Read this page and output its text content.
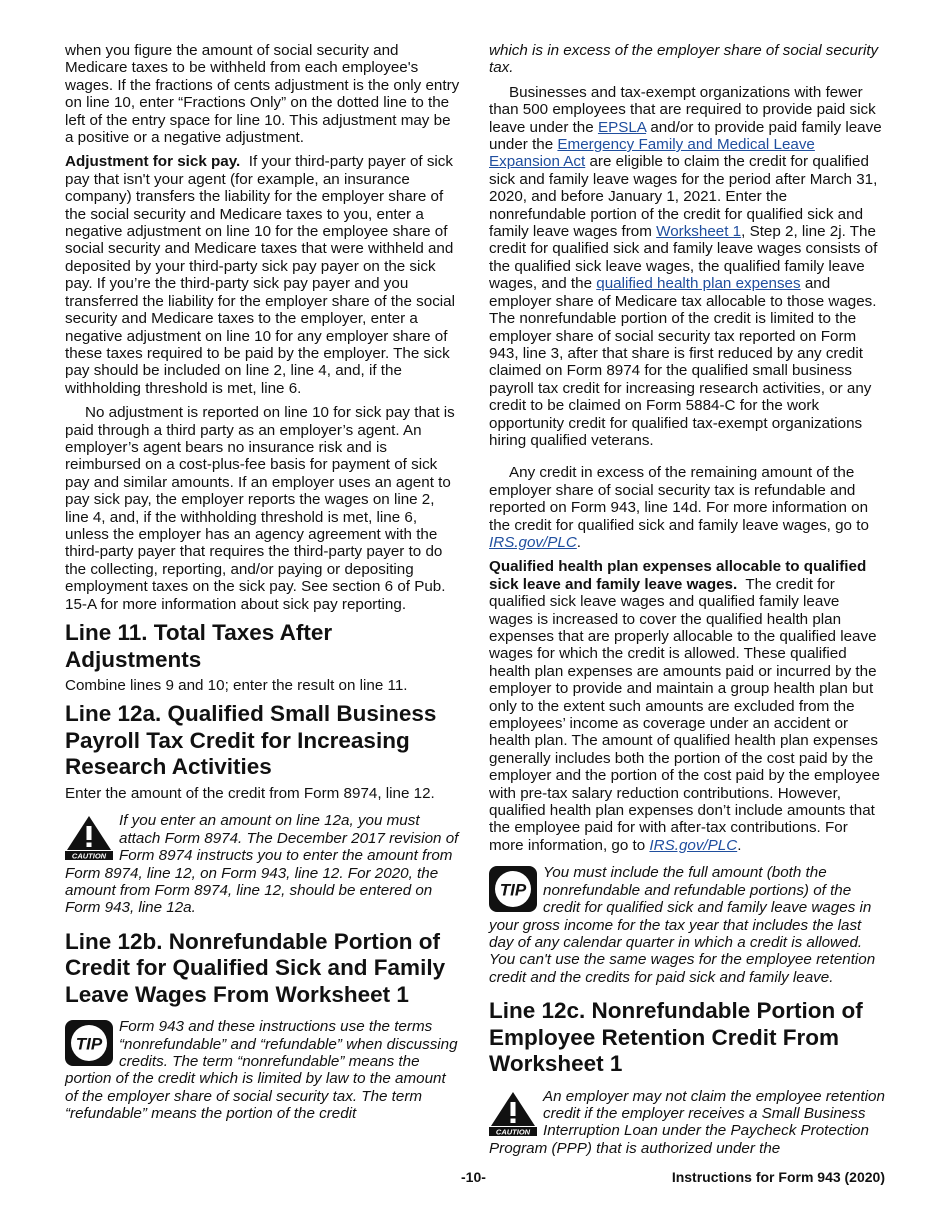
when you figure the amount of social security and Medicare taxes to be withheld from each employee's wages. If the fractions of cents adjustment is the only entry on line 10, enter “Fractions Only” on the dotted line to the left of the entry space for line 10. This adjustment may be a positive or a negative adjustment.

Adjustment for sick pay. If your third-party payer of sick pay that isn't your agent (for example, an insurance company) transfers the liability for the employer share of the social security and Medicare taxes to you, enter a negative adjustment on line 10 for the employee share of social security and Medicare taxes that were withheld and deposited by your third-party sick pay payer on the sick pay. If you’re the third-party sick pay payer and you transferred the liability for the employer share of the social security and Medicare taxes to the employer, enter a negative adjustment on line 10 for any employer share of these taxes required to be paid by the employer. The sick pay should be included on line 2, line 4, and, if the withholding threshold is met, line 6.

No adjustment is reported on line 10 for sick pay that is paid through a third party as an employer’s agent. An employer’s agent bears no insurance risk and is reimbursed on a cost-plus-fee basis for payment of sick pay and similar amounts. If an employer uses an agent to pay sick pay, the employer reports the wages on line 2, line 4, and, if the withholding threshold is met, line 6, unless the employer has an agency agreement with the third-party payer that requires the third-party payer to do the collecting, reporting, and/or paying or depositing employment taxes on the sick pay. See section 6 of Pub. 15-A for more information about sick pay reporting.

Line 11. Total Taxes After Adjustments

Combine lines 9 and 10; enter the result on line 11.

Line 12a. Qualified Small Business Payroll Tax Credit for Increasing Research Activities

Enter the amount of the credit from Form 8974, line 12.

CAUTION
If you enter an amount on line 12a, you must attach Form 8974. The December 2017 revision of Form 8974 instructs you to enter the amount from Form 8974, line 12, on Form 943, line 12. For 2020, the amount from Form 8974, line 12, should be entered on Form 943, line 12a.
Line 12b. Nonrefundable Portion of Credit for Qualified Sick and Family Leave Wages From Worksheet 1
TIP
Form 943 and these instructions use the terms “nonrefundable” and “refundable” when discussing credits. The term “nonrefundable” means the portion of the credit which is limited by law to the amount of the employer share of social security tax. The term “refundable” means the portion of the credit

which is in excess of the employer share of social security tax.

Businesses and tax-exempt organizations with fewer than 500 employees that are required to provide paid sick leave under the EPSLA and/or to provide paid family leave under the Emergency Family and Medical Leave Expansion Act are eligible to claim the credit for qualified sick and family leave wages for the period after March 31, 2020, and before January 1, 2021. Enter the nonrefundable portion of the credit for qualified sick and family leave wages from Worksheet 1, Step 2, line 2j. The credit for qualified sick and family leave wages consists of the qualified sick leave wages, the qualified family leave wages, and the qualified health plan expenses and employer share of Medicare tax allocable to those wages. The nonrefundable portion of the credit is limited to the employer share of social security tax reported on Form 943, line 3, after that share is first reduced by any credit claimed on Form 8974 for the qualified small business payroll tax credit for increasing research activities, or any credit to be claimed on Form 5884-C for the work opportunity credit for qualified tax-exempt organizations hiring qualified veterans.

Any credit in excess of the remaining amount of the employer share of social security tax is refundable and reported on Form 943, line 14d. For more information on the credit for qualified sick and family leave wages, go to IRS.gov/PLC.

Qualified health plan expenses allocable to qualified sick leave and family leave wages. The credit for qualified sick leave wages and qualified family leave wages is increased to cover the qualified health plan expenses that are properly allocable to the qualified leave wages for which the credit is allowed. These qualified health plan expenses are amounts paid or incurred by the employer to provide and maintain a group health plan but only to the extent such amounts are excluded from the employees’ income as coverage under an accident or health plan. The amount of qualified health plan expenses generally includes both the portion of the cost paid by the employer and the portion of the cost paid by the employee with pre-tax salary reduction contributions. However, qualified health plan expenses don’t include amounts that the employee paid for with after-tax contributions. For more information, go to IRS.gov/PLC.

TIP
You must include the full amount (both the nonrefundable and refundable portions) of the credit for qualified sick and family leave wages in your gross income for the tax year that includes the last day of any calendar quarter in which a credit is allowed. You can't use the same wages for the employee retention credit and the credits for paid sick and family leave.
Line 12c. Nonrefundable Portion of Employee Retention Credit From Worksheet 1
CAUTION
An employer may not claim the employee retention credit if the employer receives a Small Business Interruption Loan under the Paycheck Protection Program (PPP) that is authorized under the
-10-	Instructions for Form 943 (2020)
